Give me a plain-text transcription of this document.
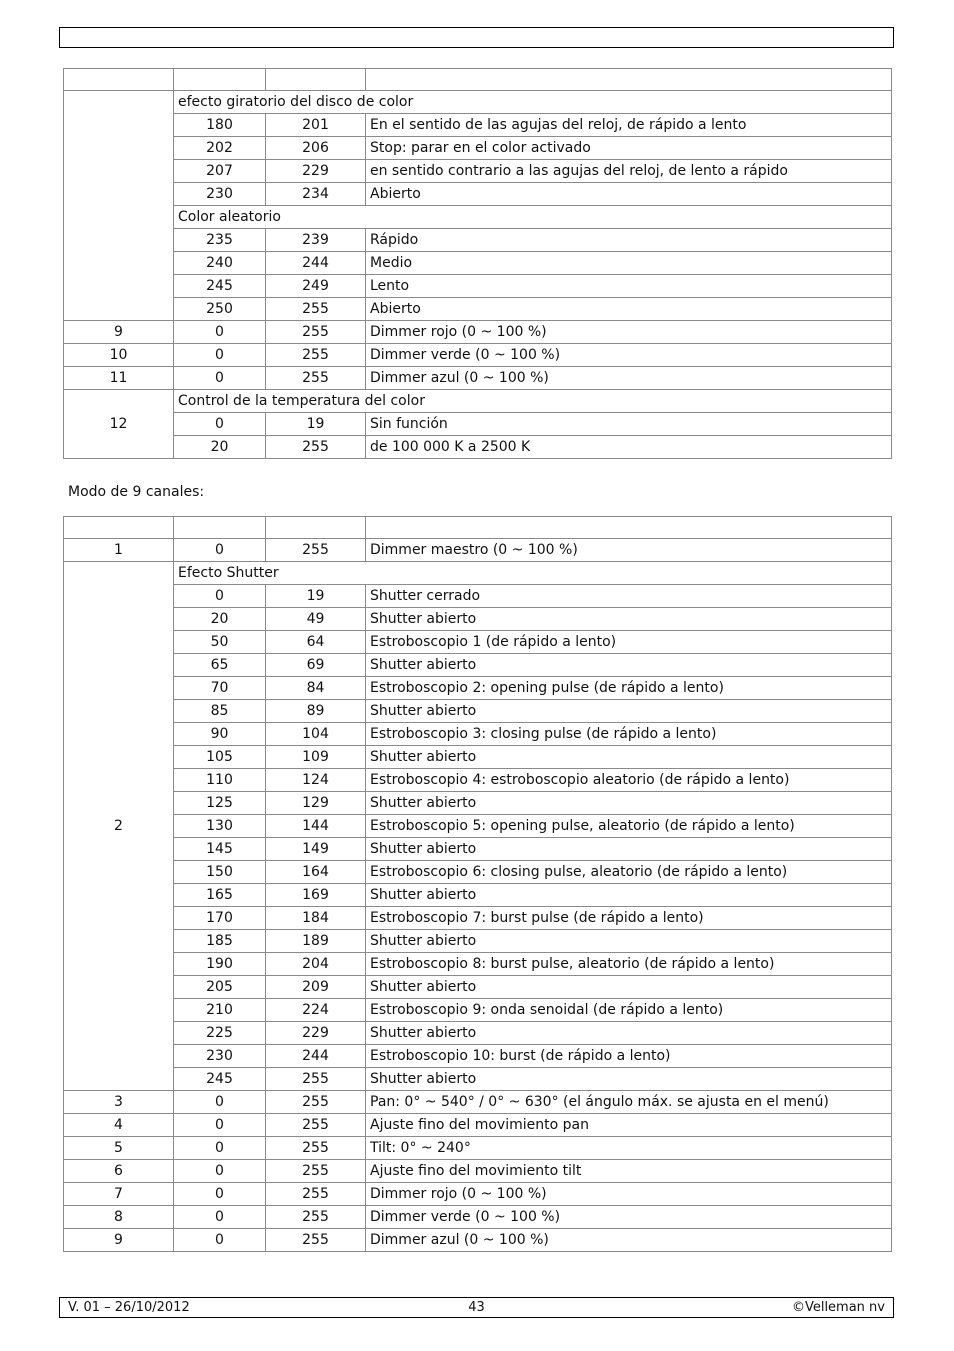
	efecto giratorio del disco de color		
	180	201	En el sentido de las agujas del reloj, de rápido a lento
	202	206	Stop: parar en el color activado
	207	229	en sentido contrario a las agujas del reloj, de lento a rápido
	230	234	Abierto
	Color aleatorio		
	235	239	Rápido
	240	244	Medio
	245	249	Lento
	250	255	Abierto
9	0	255	Dimmer rojo (0 ~ 100 %)
10	0	255	Dimmer verde (0 ~ 100 %)
11	0	255	Dimmer azul (0 ~ 100 %)
12	Control de la temperatura del color		
	0	19	Sin función
	20	255	de 100 000 K a 2500 K
Modo de 9 canales:

1	0	255	Dimmer maestro (0 ~ 100 %)
2	Efecto Shutter		
	0	19	Shutter cerrado
	20	49	Shutter abierto
	50	64	Estroboscopio 1 (de rápido a lento)
	65	69	Shutter abierto
	70	84	Estroboscopio 2: opening pulse (de rápido a lento)
	85	89	Shutter abierto
	90	104	Estroboscopio 3: closing pulse (de rápido a lento)
	105	109	Shutter abierto
	110	124	Estroboscopio 4: estroboscopio aleatorio (de rápido a lento)
	125	129	Shutter abierto
	130	144	Estroboscopio 5: opening pulse, aleatorio (de rápido a lento)
	145	149	Shutter abierto
	150	164	Estroboscopio 6: closing pulse, aleatorio (de rápido a lento)
	165	169	Shutter abierto
	170	184	Estroboscopio 7: burst pulse (de rápido a lento)
	185	189	Shutter abierto
	190	204	Estroboscopio 8: burst pulse, aleatorio (de rápido a lento)
	205	209	Shutter abierto
	210	224	Estroboscopio 9: onda senoidal (de rápido a lento)
	225	229	Shutter abierto
	230	244	Estroboscopio 10: burst (de rápido a lento)
	245	255	Shutter abierto
3	0	255	Pan: 0° ~ 540° / 0° ~ 630° (el ángulo máx. se ajusta en el menú)
4	0	255	Ajuste fino del movimiento pan
5	0	255	Tilt: 0° ~ 240°
6	0	255	Ajuste fino del movimiento tilt
7	0	255	Dimmer rojo (0 ~ 100 %)
8	0	255	Dimmer verde (0 ~ 100 %)
9	0	255	Dimmer azul (0 ~ 100 %)
V. 01 – 26/10/2012	43	©Velleman nv
